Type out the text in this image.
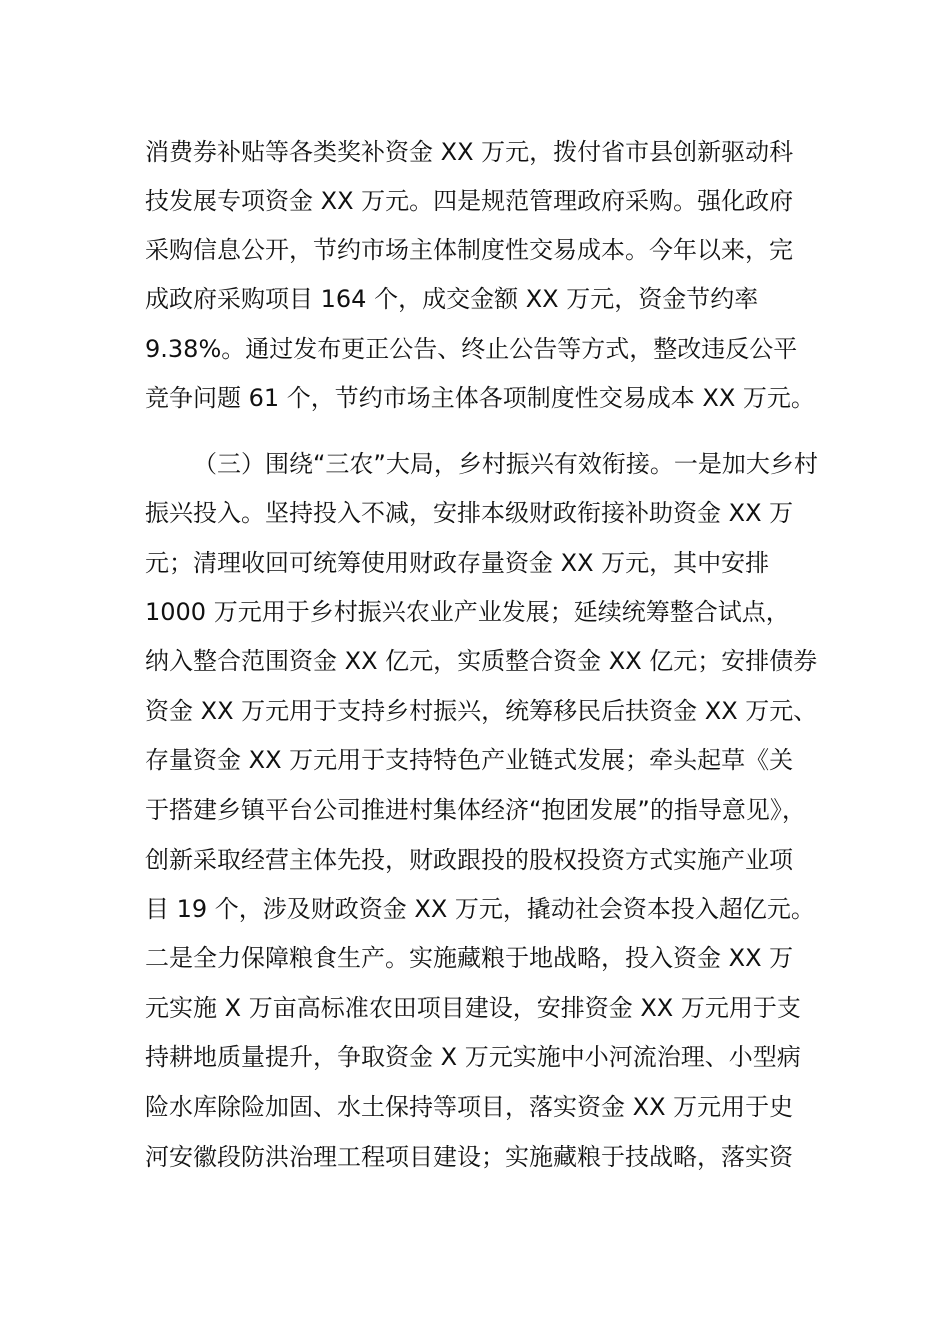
消费券补贴等各类奖补资金 XX 万元，拨付省市县创新驱动科
技发展专项资金 XX 万元。四是规范管理政府采购。强化政府
采购信息公开，节约市场主体制度性交易成本。今年以来，完
成政府采购项目 164 个，成交金额 XX 万元，资金节约率
9.38%。通过发布更正公告、终止公告等方式，整改违反公平
竞争问题 61 个，节约市场主体各项制度性交易成本 XX 万元。
（三）围绕“三农”大局，乡村振兴有效衔接。一是加大乡村
振兴投入。坚持投入不减，安排本级财政衔接补助资金 XX 万
元；清理收回可统筹使用财政存量资金 XX 万元，其中安排
1000 万元用于乡村振兴农业产业发展；延续统筹整合试点，
纳入整合范围资金 XX 亿元，实质整合资金 XX 亿元；安排债券
资金 XX 万元用于支持乡村振兴，统筹移民后扶资金 XX 万元、
存量资金 XX 万元用于支持特色产业链式发展；牵头起草《关
于搭建乡镇平台公司推进村集体经济“抱团发展”的指导意见》，
创新采取经营主体先投，财政跟投的股权投资方式实施产业项
目 19 个，涉及财政资金 XX 万元，撬动社会资本投入超亿元。
二是全力保障粮食生产。实施藏粮于地战略，投入资金 XX 万
元实施 X 万亩高标准农田项目建设，安排资金 XX 万元用于支
持耕地质量提升，争取资金 X 万元实施中小河流治理、小型病
险水库除险加固、水土保持等项目，落实资金 XX 万元用于史
河安徽段防洪治理工程项目建设；实施藏粮于技战略，落实资
